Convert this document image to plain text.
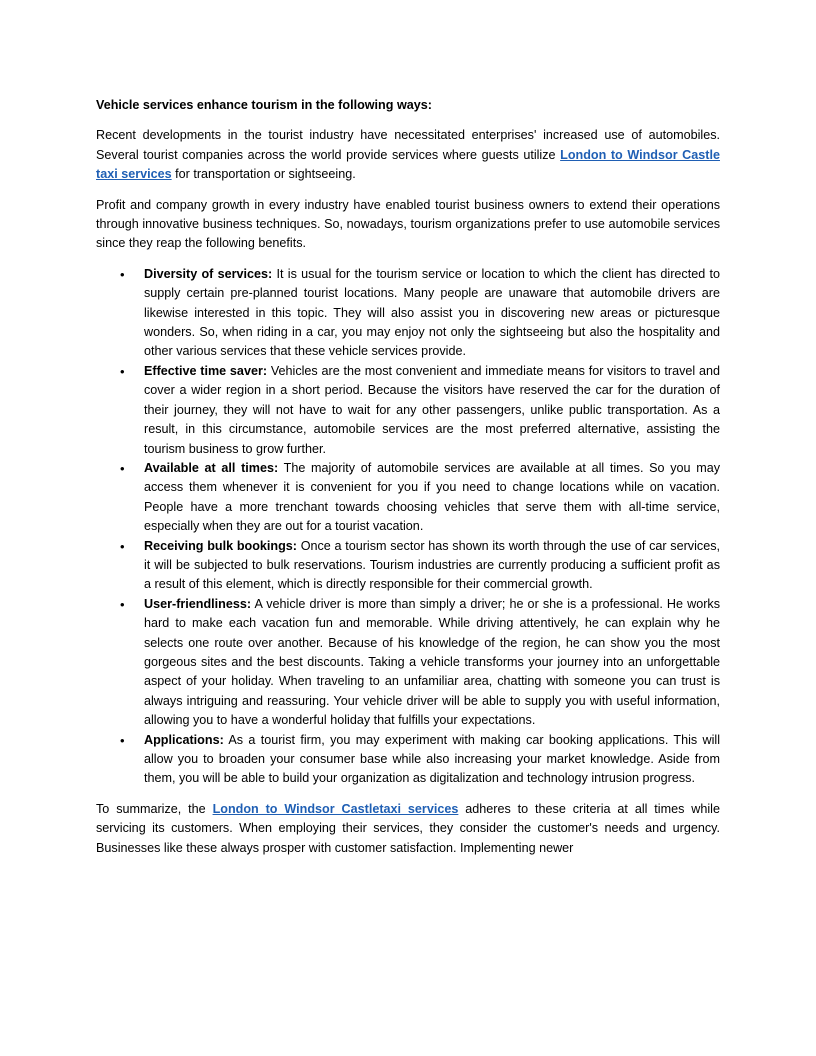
Vehicle services enhance tourism in the following ways:

Recent developments in the tourist industry have necessitated enterprises' increased use of automobiles. Several tourist companies across the world provide services where guests utilize London to Windsor Castle taxi services for transportation or sightseeing.

Profit and company growth in every industry have enabled tourist business owners to extend their operations through innovative business techniques. So, nowadays, tourism organizations prefer to use automobile services since they reap the following benefits.

• Diversity of services: It is usual for the tourism service or location to which the client has directed to supply certain pre-planned tourist locations. Many people are unaware that automobile drivers are likewise interested in this topic. They will also assist you in discovering new areas or picturesque wonders. So, when riding in a car, you may enjoy not only the sightseeing but also the hospitality and other various services that these vehicle services provide.
• Effective time saver: Vehicles are the most convenient and immediate means for visitors to travel and cover a wider region in a short period. Because the visitors have reserved the car for the duration of their journey, they will not have to wait for any other passengers, unlike public transportation. As a result, in this circumstance, automobile services are the most preferred alternative, assisting the tourism business to grow further.
• Available at all times: The majority of automobile services are available at all times. So you may access them whenever it is convenient for you if you need to change locations while on vacation. People have a more trenchant towards choosing vehicles that serve them with all-time service, especially when they are out for a tourist vacation.
• Receiving bulk bookings: Once a tourism sector has shown its worth through the use of car services, it will be subjected to bulk reservations. Tourism industries are currently producing a sufficient profit as a result of this element, which is directly responsible for their commercial growth.
• User-friendliness: A vehicle driver is more than simply a driver; he or she is a professional. He works hard to make each vacation fun and memorable. While driving attentively, he can explain why he selects one route over another. Because of his knowledge of the region, he can show you the most gorgeous sites and the best discounts. Taking a vehicle transforms your journey into an unforgettable aspect of your holiday. When traveling to an unfamiliar area, chatting with someone you can trust is always intriguing and reassuring. Your vehicle driver will be able to supply you with useful information, allowing you to have a wonderful holiday that fulfills your expectations.
• Applications: As a tourist firm, you may experiment with making car booking applications. This will allow you to broaden your consumer base while also increasing your market knowledge. Aside from them, you will be able to build your organization as digitalization and technology intrusion progress.

To summarize, the London to Windsor Castletaxi services adheres to these criteria at all times while servicing its customers. When employing their services, they consider the customer's needs and urgency. Businesses like these always prosper with customer satisfaction. Implementing newer
